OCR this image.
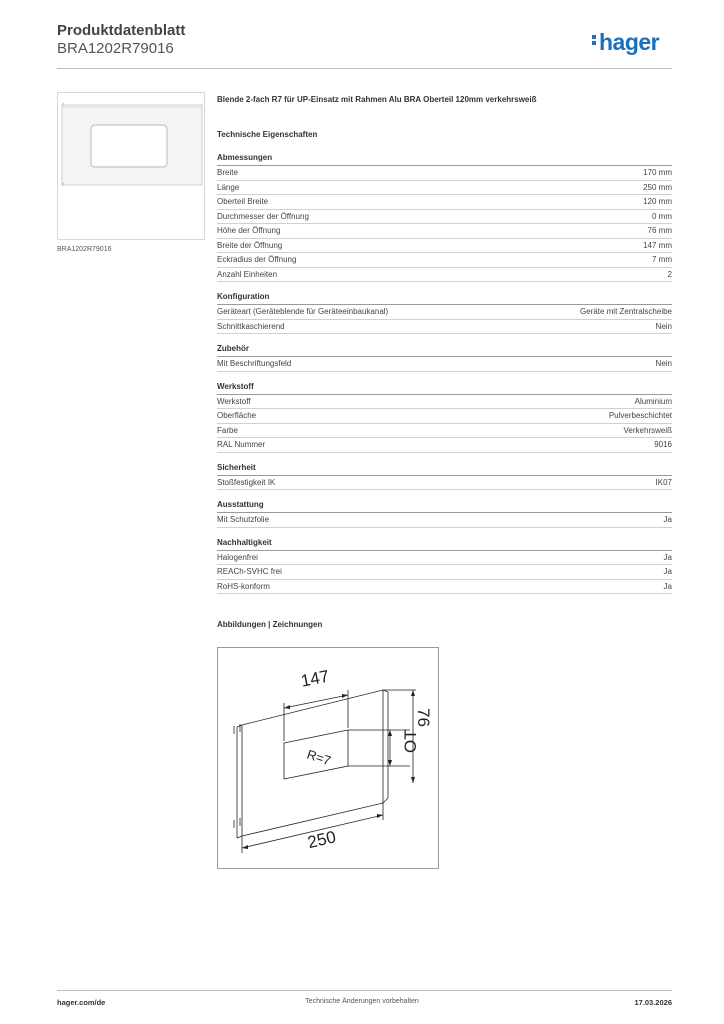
Produktdatenblatt
BRA1202R79016	hager
BRA1202R79016
Blende 2-fach R7 für UP-Einsatz mit Rahmen Alu BRA Oberteil 120mm verkehrsweiß
Technische Eigenschaften
Abmessungen
Breite	170 mm
Länge	250 mm
Oberteil Breite	120 mm
Durchmesser der Öffnung	0 mm
Höhe der Öffnung	76 mm
Breite der Öffnung	147 mm
Eckradius der Öffnung	7 mm
Anzahl Einheiten	2
Konfiguration
Geräteart (Geräteblende für Geräteeinbaukanal)	Geräte mit Zentralscheibe
Schnittkaschierend	Nein
Zubehör
Mit Beschriftungsfeld	Nein
Werkstoff
Werkstoff	Aluminium
Oberfläche	Pulverbeschichtet
Farbe	Verkehrsweiß
RAL Nummer	9016
Sicherheit
Stoßfestigkeit IK	IK07
Ausstattung
Mit Schutzfolie	Ja
Nachhaltigkeit
Halogenfrei	Ja
REACh-SVHC frei	Ja
RoHS-konform	Ja
Abbildungen | Zeichnungen
147
76
OT
R=7
250
hager.com/de	Technische Änderungen vorbehalten	17.03.2026
